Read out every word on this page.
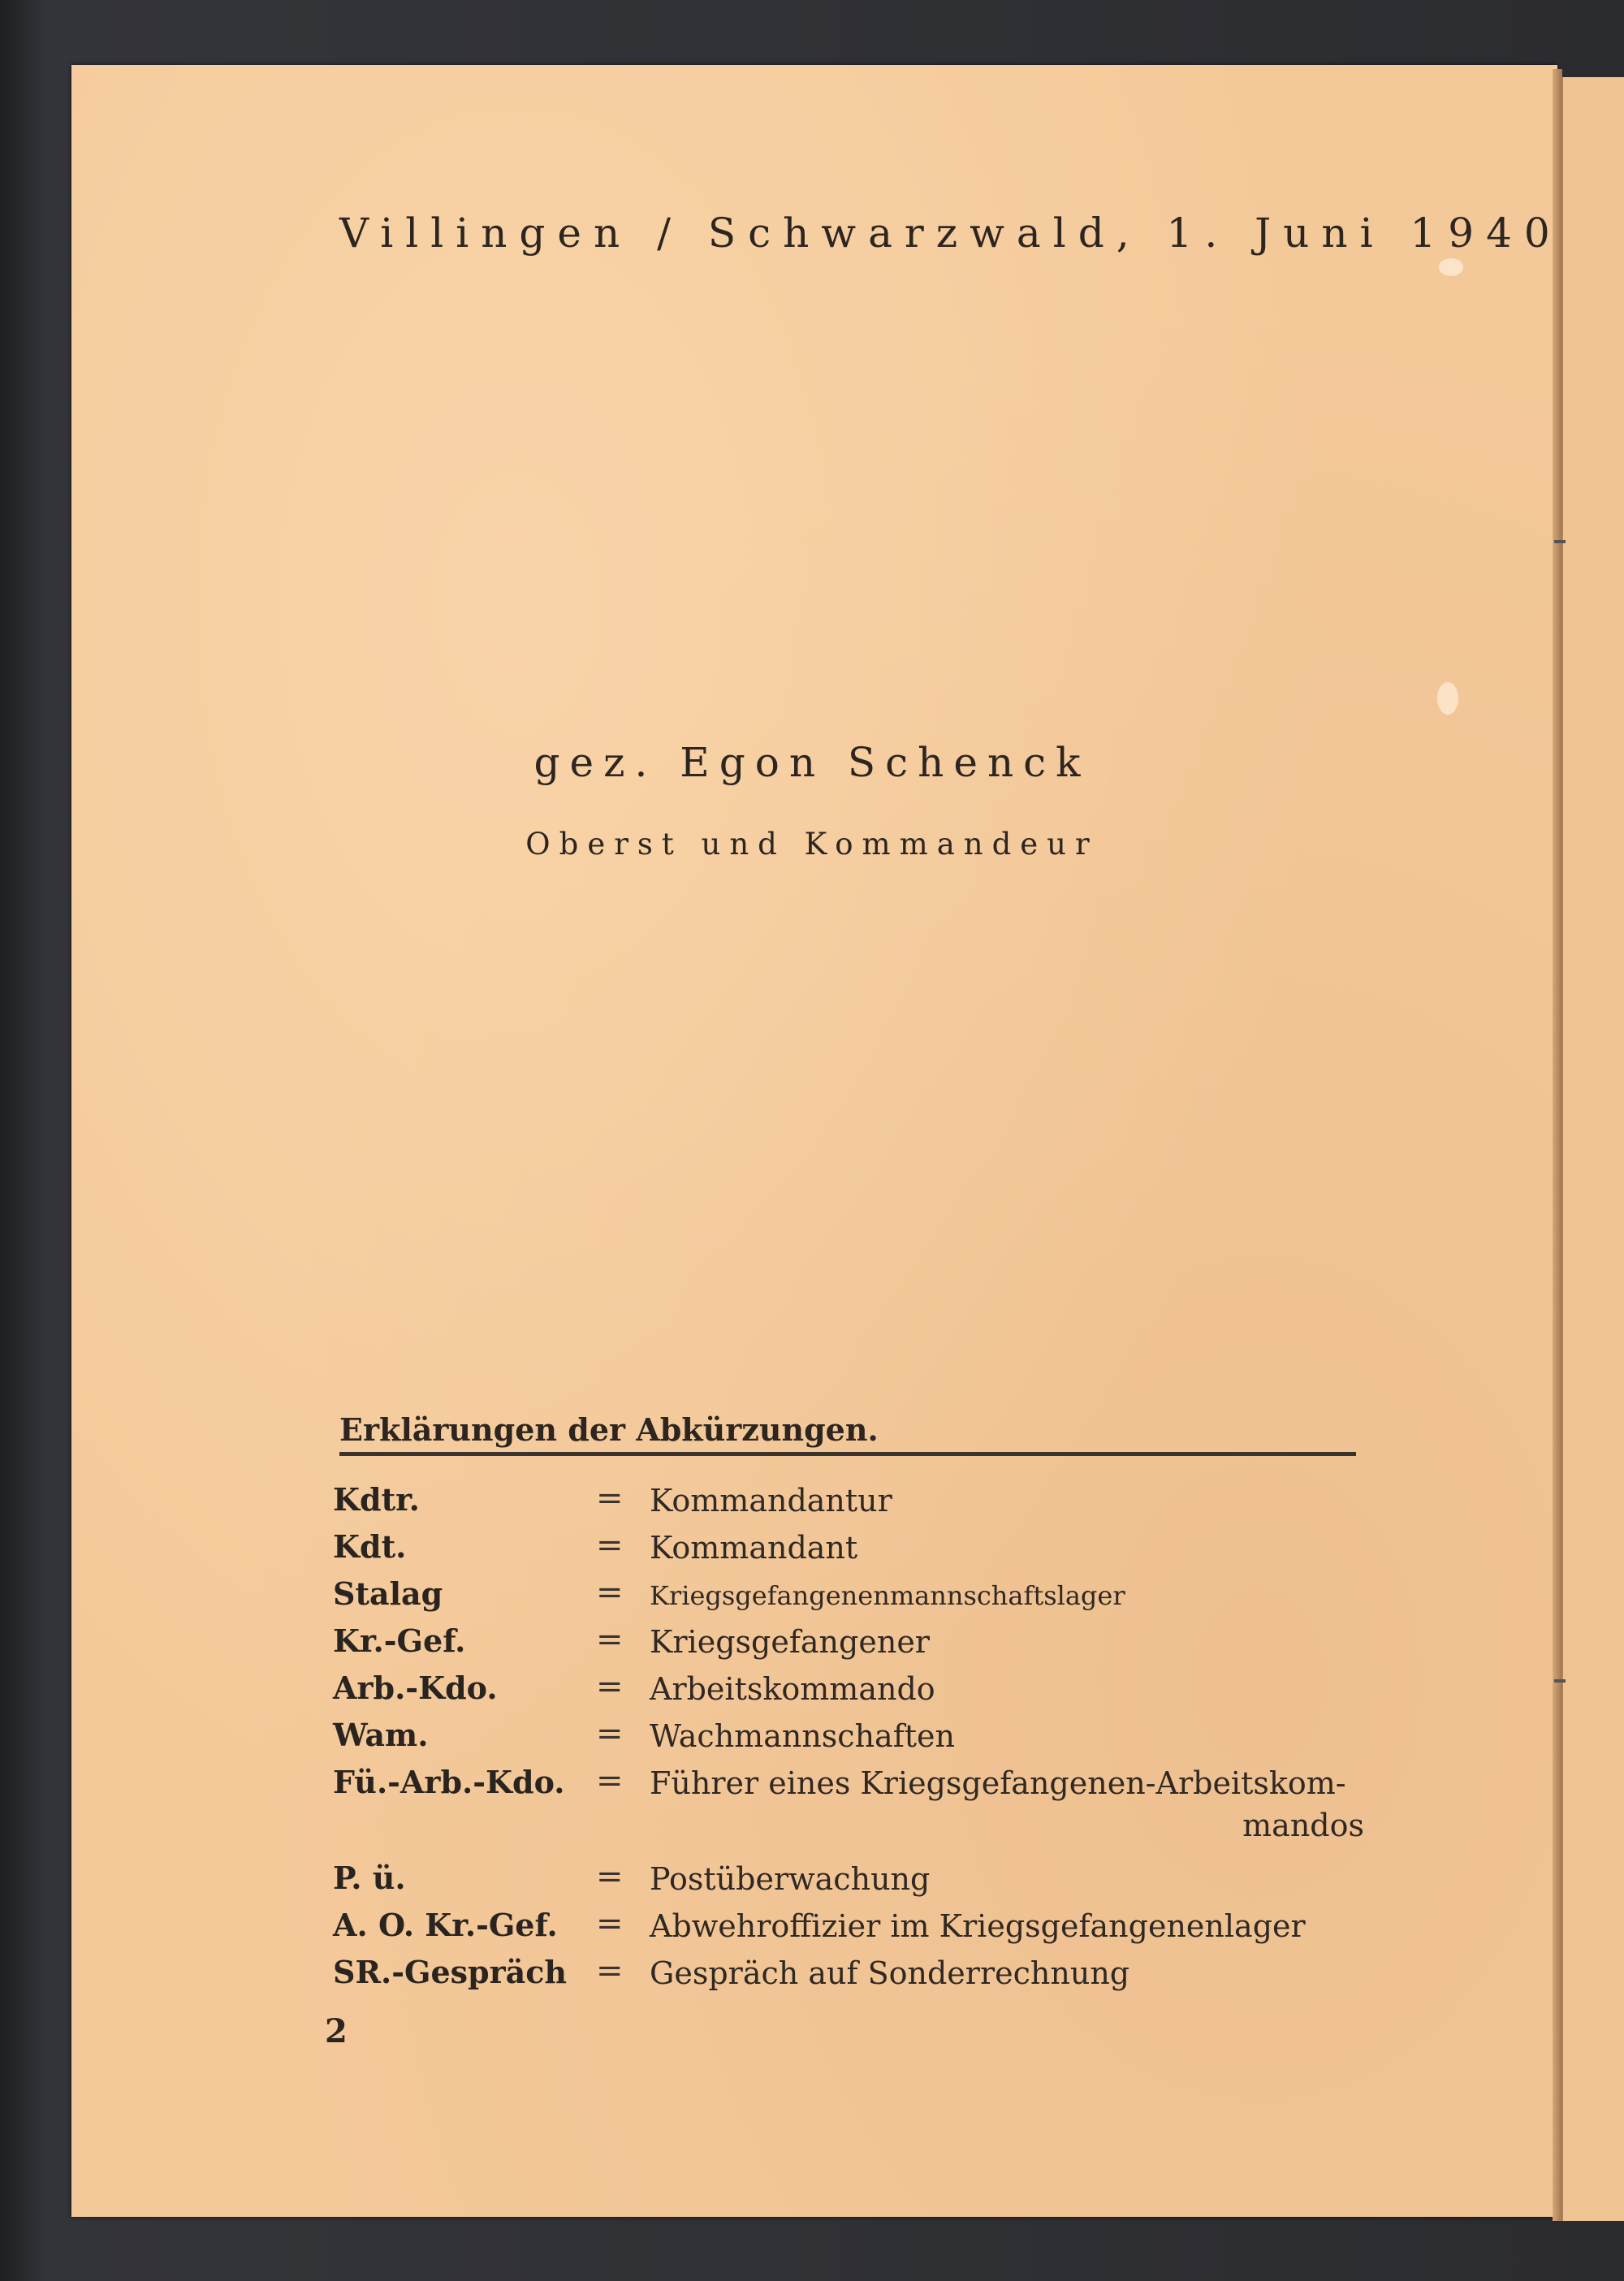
Villingen / Schwarzwald, 1. Juni 1940
gez. Egon Schenck
Oberst und Kommandeur
Erklärungen der Abkürzungen.
Kdtr.	= Kommandantur
Kdt.	= Kommandant
Stalag	= Kriegsgefangenenmannschaftslager
Kr.-Gef.	= Kriegsgefangener
Arb.-Kdo.	= Arbeitskommando
Wam.	= Wachmannschaften
Fü.-Arb.-Kdo. = Führer eines Kriegsgefangenen-Arbeitskom-
mandos
P. ü.	= Postüberwachung
A. O. Kr.-Gef. = Abwehroffizier im Kriegsgefangenenlager
SR.-Gespräch = Gespräch auf Sonderrechnung
2
